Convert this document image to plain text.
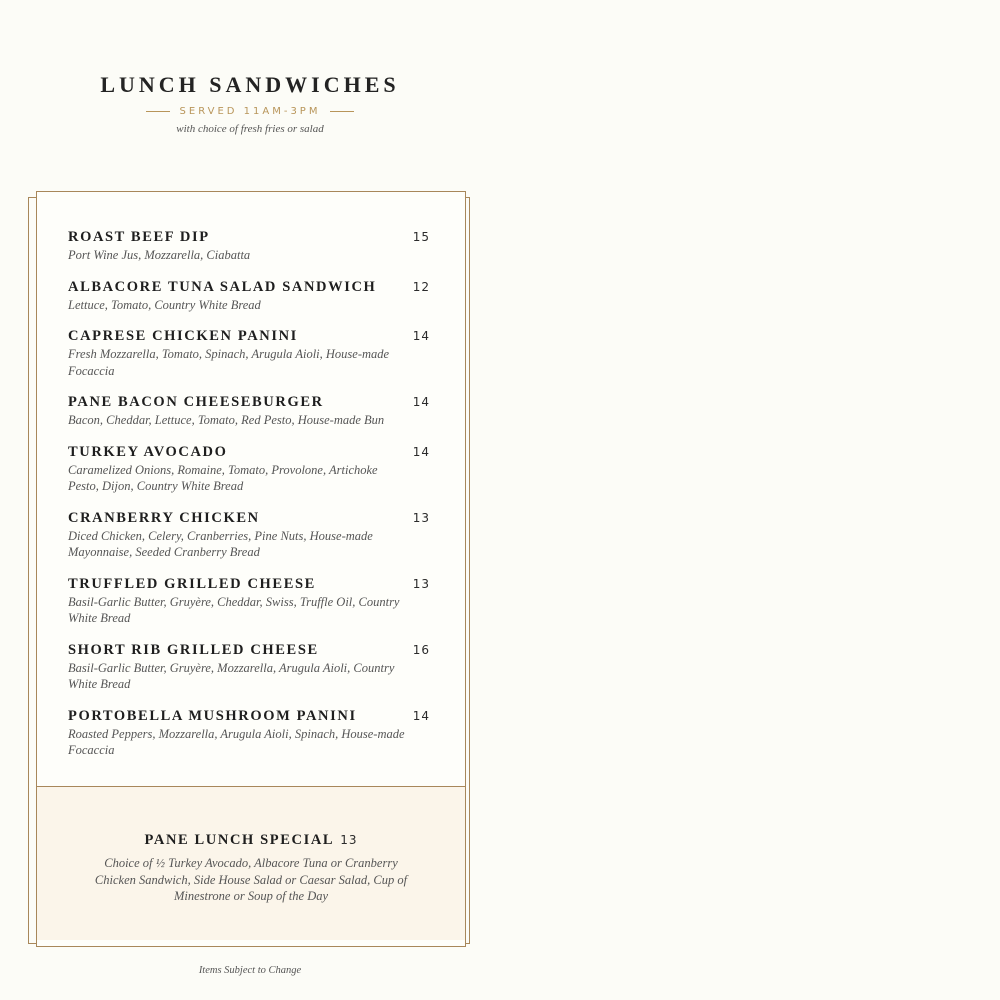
LUNCH SANDWICHES
SERVED 11AM-3PM
with choice of fresh fries or salad
ROAST BEEF DIP	15
Port Wine Jus, Mozzarella, Ciabatta
ALBACORE TUNA SALAD SANDWICH	12
Lettuce, Tomato, Country White Bread
CAPRESE CHICKEN PANINI	14
Fresh Mozzarella, Tomato, Spinach, Arugula Aioli, House-made Focaccia
PANE BACON CHEESEBURGER	14
Bacon, Cheddar, Lettuce, Tomato, Red Pesto, House-made Bun
TURKEY AVOCADO	14
Caramelized Onions, Romaine, Tomato, Provolone, Artichoke Pesto, Dijon, Country White Bread
CRANBERRY CHICKEN	13
Diced Chicken, Celery, Cranberries, Pine Nuts, House-made Mayonnaise, Seeded Cranberry Bread
TRUFFLED GRILLED CHEESE	13
Basil-Garlic Butter, Gruyère, Cheddar, Swiss, Truffle Oil, Country White Bread
SHORT RIB GRILLED CHEESE	16
Basil-Garlic Butter, Gruyère, Mozzarella, Arugula Aioli, Country White Bread
PORTOBELLA MUSHROOM PANINI	14
Roasted Peppers, Mozzarella, Arugula Aioli, Spinach, House-made Focaccia
PANE LUNCH SPECIAL 13
Choice of ½ Turkey Avocado, Albacore Tuna or Cranberry Chicken Sandwich, Side House Salad or Caesar Salad, Cup of Minestrone or Soup of the Day
Items Subject to Change
